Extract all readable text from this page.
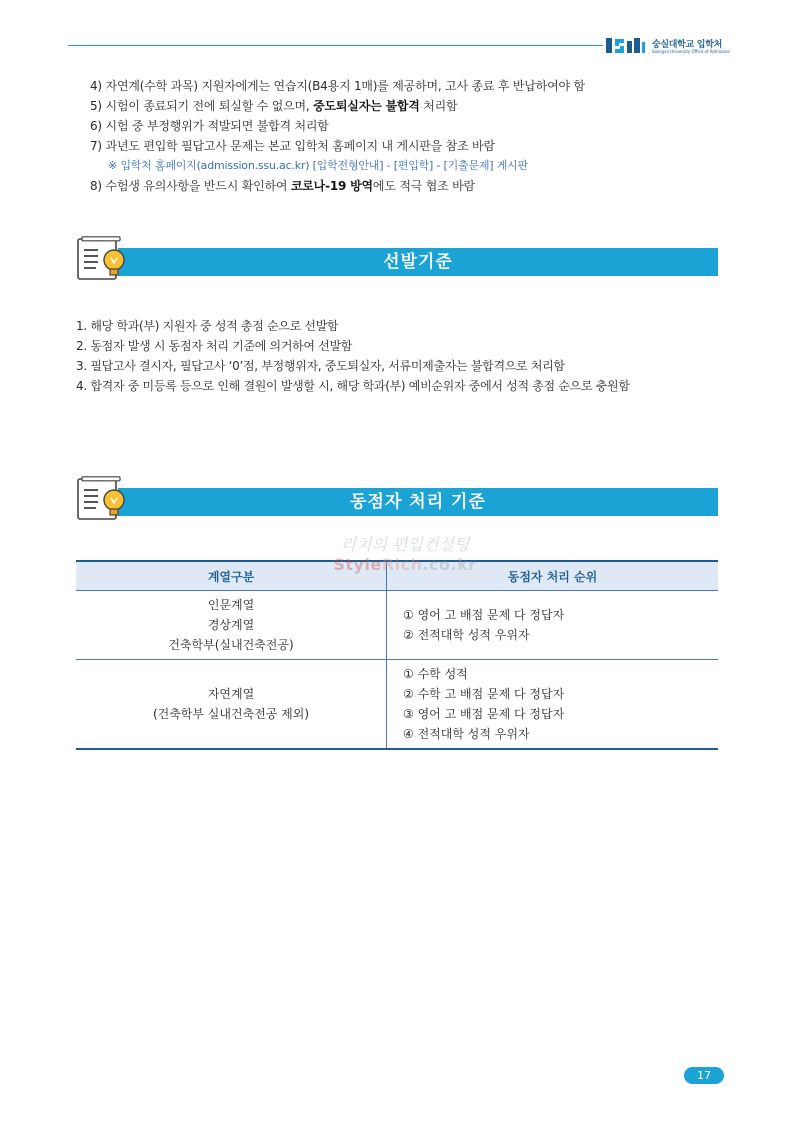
숭실대학교 입학처
Soongsil University Office of Admission
4) 자연계(수학 과목) 지원자에게는 연습지(B4용지 1매)를 제공하며, 고사 종료 후 반납하여야 함
5) 시험이 종료되기 전에 퇴실할 수 없으며, 중도퇴실자는 불합격 처리함
6) 시험 중 부정행위가 적발되면 불합격 처리함
7) 과년도 편입학 필답고사 문제는 본교 입학처 홈페이지 내 게시판을 참조 바람
※ 입학처 홈페이지(admission.ssu.ac.kr) [입학전형안내] - [편입학] - [기출문제] 게시판
8) 수험생 유의사항을 반드시 확인하여 코로나-19 방역에도 적극 협조 바람
선발기준
1. 해당 학과(부) 지원자 중 성적 총점 순으로 선발함
2. 동점자 발생 시 동점자 처리 기준에 의거하여 선발함
3. 필답고사 결시자, 필답고사 ‘0’점, 부정행위자, 중도퇴실자, 서류미제출자는 불합격으로 처리함
4. 합격자 중 미등록 등으로 인해 결원이 발생할 시, 해당 학과(부) 예비순위자 중에서 성적 총점 순으로 충원함
동점자 처리 기준
계열구분	동점자 처리 순위

인문계열
경상계열
건축학부(실내건축전공)	① 영어 고 배점 문제 다 정답자
② 전적대학 성적 우위자

자연계열
(건축학부 실내건축전공 제외)	① 수학 성적
② 수학 고 배점 문제 다 정답자
③ 영어 고 배점 문제 다 정답자
④ 전적대학 성적 우위자
리치의 편입컨설팅
StyleRich.co.kr
17
